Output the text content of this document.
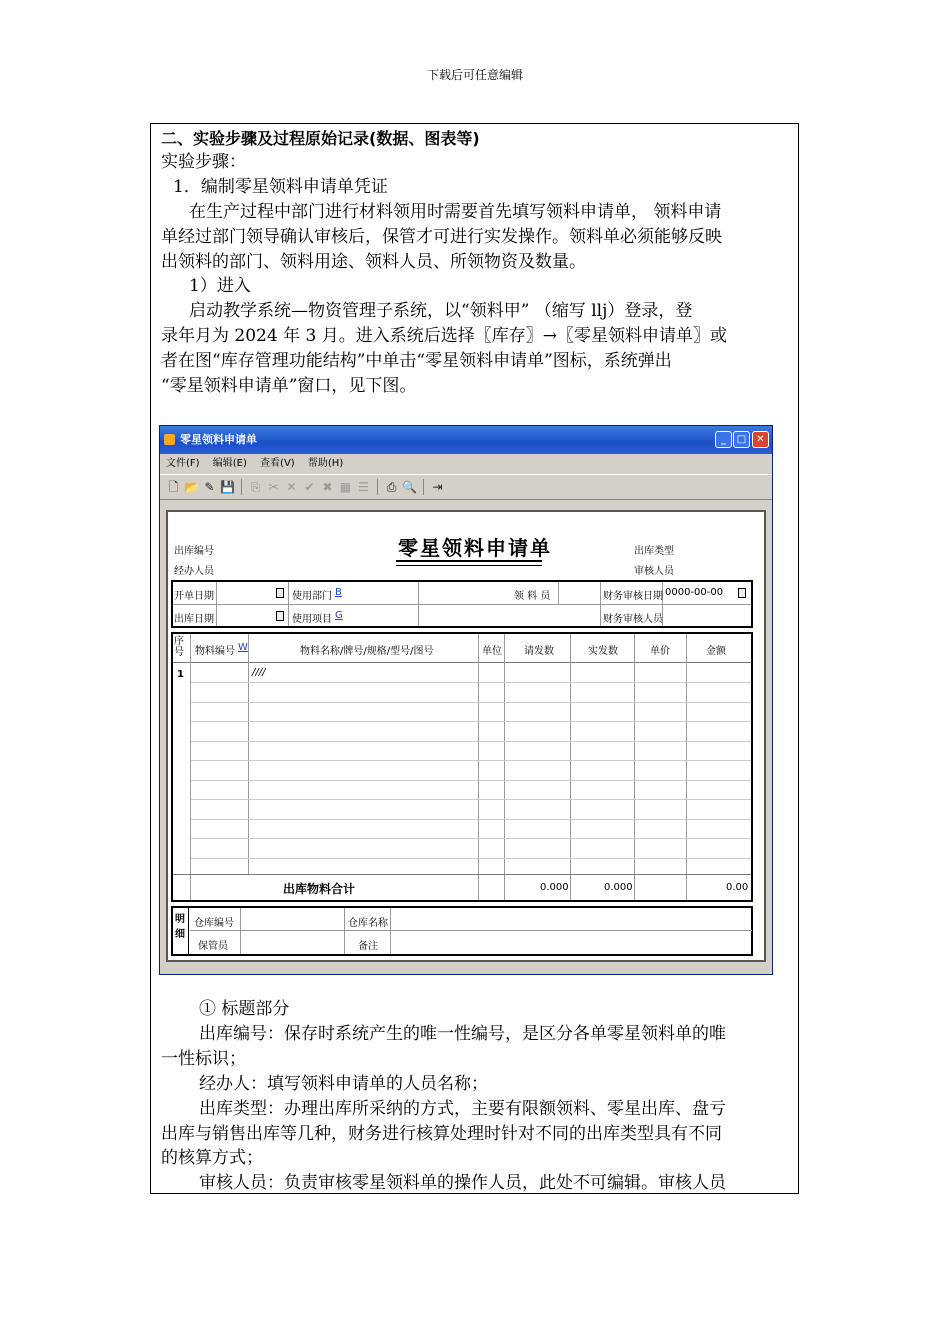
下载后可任意编辑
二、实验步骤及过程原始记录(数据、图表等)
实验步骤：
1．编制零星领料申请单凭证
在生产过程中部门进行材料领用时需要首先填写领料申请单， 领料申请
单经过部门领导确认审核后，保管才可进行实发操作。领料单必须能够反映
出领料的部门、领料用途、领料人员、所领物资及数量。
1）进入
启动教学系统—物资管理子系统，以“领料甲” （缩写 llj）登录，登
录年月为 2024 年 3 月。进入系统后选择〖库存〗→〖零星领料申请单〗或
者在图“库存管理功能结构”中单击“零星领料申请单”图标，系统弹出
“零星领料申请单”窗口，见下图。
零星领料申请单	_	□	✕
文件(F) 编辑(E) 查看(V) 帮助(H)
🗋 📂 ✎ 💾 ⎘ ✂ ✕ ✔ ✖ ▦ ☰ ⎙ 🔍 ⇥
出库编号
经办人员
零星领料申请单	出库类型
审核人员
开单日期	使用部门 B	领 料 员	财务审核日期 0000-00-00
出库日期	使用项目 G	财务审核人员
序号 物料编号 W	物料名称/牌号/规格/型号/图号	单位 请发数	实发数	单价	金额
1	////
出库物料合计	0.000	0.000	0.00
明细
仓库编号	仓库名称
保管员	备注
① 标题部分
出库编号：保存时系统产生的唯一性编号，是区分各单零星领料单的唯
一性标识；
经办人：填写领料申请单的人员名称；
出库类型：办理出库所采纳的方式，主要有限额领料、零星出库、盘亏
出库与销售出库等几种，财务进行核算处理时针对不同的出库类型具有不同
的核算方式；
审核人员：负责审核零星领料单的操作人员，此处不可编辑。审核人员
